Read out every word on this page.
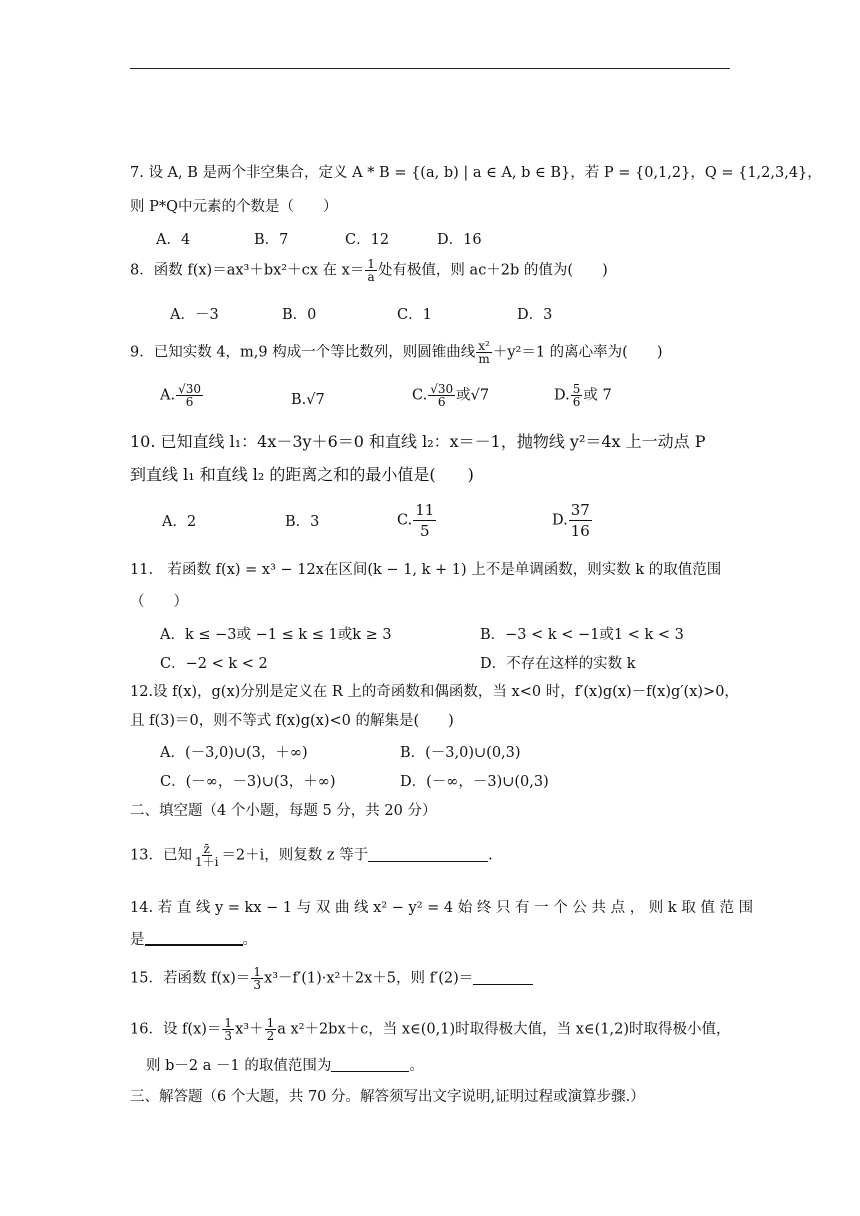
7. 设 A, B 是两个非空集合，定义 A * B = {(a, b) | a ∈ A, b ∈ B}，若 P = {0,1,2}，Q = {1,2,3,4}，
则 P*Q中元素的个数是（　　）
A．4	B．7	C．12	D．16
8．函数 f(x)＝ax³＋bx²＋cx 在 $x= \frac{1}{a}$ 处有极值，则 ac＋2b 的值为(　　)
A．－3	B．0	C．1	D．3
9．已知实数 4，m,9 构成一个等比数列，则圆锥曲线 $\frac{\text{x²}}{m} +y^2=1$ 的离心率为(　　)
A. $\frac{√30}{6}$	B.√7	C. $\frac{√30}{6}$ 或√7	D. $\frac{5}{6}$ 或 7
10. 已知直线 l₁：4x－3y＋6＝0 和直线 l₂：x＝－1，抛物线 y²＝4x 上一动点 P
到直线 l₁ 和直线 l₂ 的距离之和的最小值是(　　)
A．2	B．3	C. $\frac{11}{5}$	D. $\frac{37}{16}$
11.　若函数 f(x) = x³ − 12x在区间(k − 1, k + 1) 上不是单调函数，则实数 k 的取值范围
（　　）
A．k ≤ −3或 −1 ≤ k ≤ 1或k ≥ 3	B．−3 < k < −1或1 < k < 3
C．−2 < k < 2	D．不存在这样的实数 k
12.设 f(x)，g(x)分别是定义在 R 上的奇函数和偶函数，当 x<0 时，f′(x)g(x)－f(x)g′(x)>0，
且 f(3)＝0，则不等式 f(x)g(x)<0 的解集是(　　)
A．(－3,0)∪(3，＋∞)	B．(－3,0)∪(0,3)
C．(－∞，－3)∪(3，＋∞)	D．(－∞，－3)∪(0,3)
二、填空题（4 个小题，每题 5 分，共 20 分）
13．已知 $\frac{z̄}{1+i} =2+i$，则复数 z 等于	.
14. 若 直 线 y = kx − 1 与 双 曲 线 x² − y² = 4 始 终 只 有 一 个 公 共 点 ， 则 k 取 值 范 围
是	。
15．若函数 $f(x)= \frac{1}{3} x^3-f'(1)\cdot x^2+2x+5$，则 f′(2)＝
16．设 $f(x)= \frac{1}{3} x^3+ \frac{1}{2}$ a x²＋2bx＋c，当 x∈(0,1)时取得极大值，当 x∈(1,2)时取得极小值，
则 b－2 a －1 的取值范围为	。
三、解答题（6 个大题，共 70 分。解答须写出文字说明,证明过程或演算步骤.）
